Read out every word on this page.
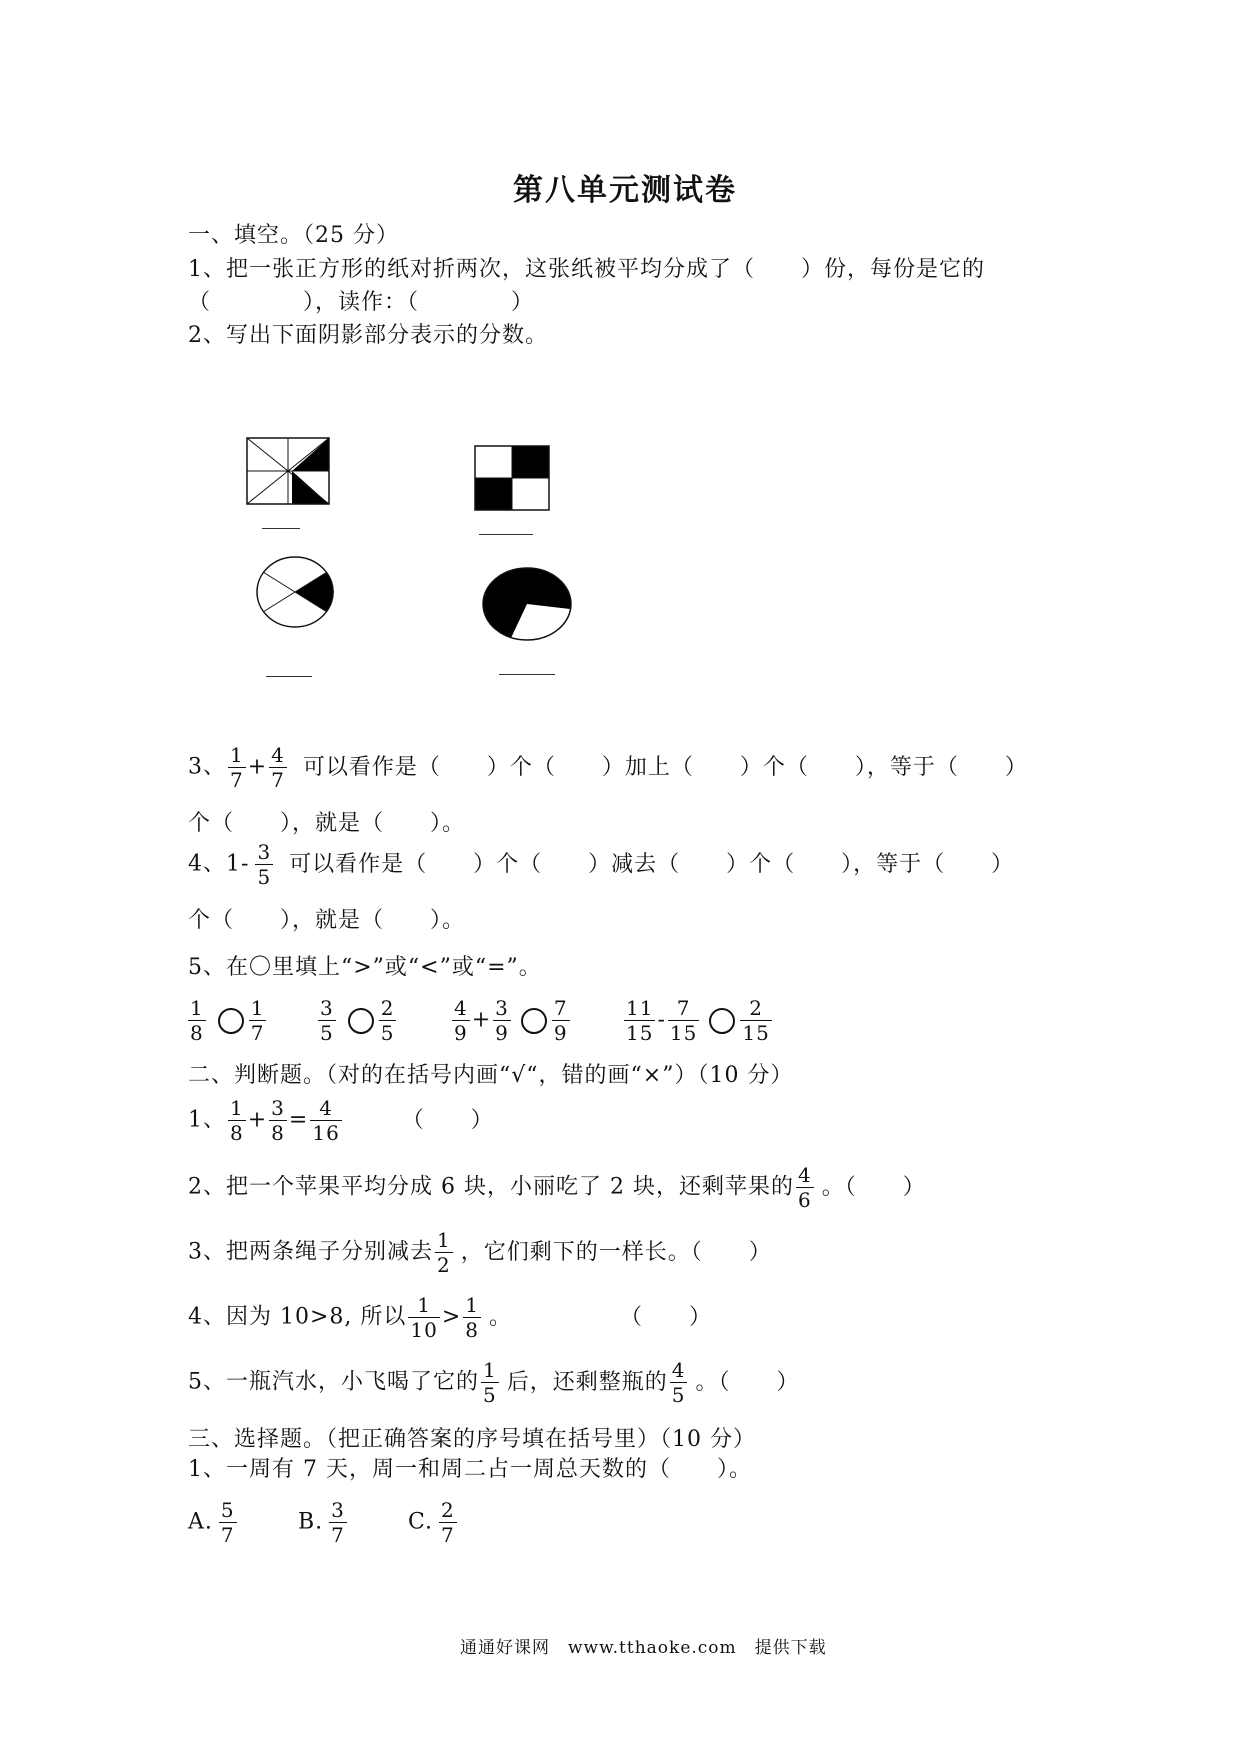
第八单元测试卷
一、填空。（25 分）
1、把一张正方形的纸对折两次，这张纸被平均分成了（　　）份，每份是它的
（　　　　），读作：（　　　　）
2、写出下面阴影部分表示的分数。
3、 $\frac{1}{7} + \frac{4}{7}$ 可以看作是（　　）个（　　）加上（　　）个（　　），等于（　　）
个（　　），就是（　　）。
4、$1- \frac{3}{5}$ 可以看作是（　　）个（　　）减去（　　）个（　　），等于（　　）
个（　　），就是（　　）。
5、在〇里填上“>”或“<”或“=”。
$\frac{1}{8} \frac{1}{7}$	$\frac{3}{5} \frac{2}{5}$	$\frac{4}{9} + \frac{3}{9} \frac{7}{9}$	$\frac{11}{15} - \frac{7}{15} \frac{2}{15}$
二、判断题。（对的在括号内画“√“，错的画“×”）（10 分）
1、 $\frac{1}{8} + \frac{3}{8} = \frac{4}{16}$	（　　）
2、把一个苹果平均分成 6 块，小丽吃了 2 块，还剩苹果的 $\frac{4}{6}$ 。（　　）
3、把两条绳子分别减去 $\frac{1}{2}$ ，它们剩下的一样长。（　　）
4、因为 10>8, 所以 $\frac{1}{10} > \frac{1}{8}$ 。	（　　）
5、一瓶汽水，小飞喝了它的 $\frac{1}{5}$ 后，还剩整瓶的 $\frac{4}{5}$ 。（　　）
三、选择题。（把正确答案的序号填在括号里）（10 分）
1、一周有 7 天，周一和周二占一周总天数的（　　）。
A. $\frac{5}{7}$	B. $\frac{3}{7}$	C. $\frac{2}{7}$
通通好课网　www.tthaoke.com　提供下载
